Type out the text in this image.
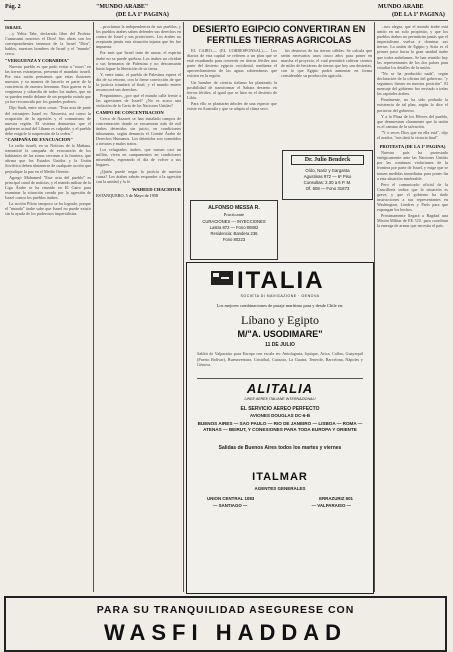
Pág. 2	"MUNDO ARABE"
(DE LA 1ª PAGINA)
MUNDO ARABE
(DE LA 1ª PAGINA)
ISRAEL

...y Yehia Tahr, declarado libre del Profeta: Cumusumi nosotros el Dios! Sus obras son los correspondientes tenemos de la Israel "Dios", hablos, nuestros hombres de Israel y el "mundo" cerca.

"VERGUENZA Y COBARDIA"

Nuestro pueblo es que pudo evitar a "rusos" en las tierras extranjeras, presenta el mandato israelí. Por esta razón pensamos que estas ilusiones nuestras y su manera de hacerlo es parte de la conciencia de nuestra hermana. Esta guerra es la vergüenza y cobardía de todos los árabes, que no se pueden rendir delante de un pequeño estado que ya fue reconocido por los grandes poderes.

Dijo Saab, entre otras cosas: "Esta acta de parte del extranjero Israel es: Nasserist, así como la ocupación de la agresión y el comunismo de nuestra región. El sistema demuestra que el gobierno actual del Líbano es culpable, y el pueblo debe exigirle la suspensión de la orden."

"CAMPAÑA DE EVACUACION"

La radio israelí, en su Noticias de la Mañana, transmitió la campaña de evacuación de los habitantes de las zonas cercanas a la frontera, que afirma que los Estados Unidos y la Unión Soviética deben abstenerse de cualquier acción que perjudique la paz en el Medio Oriente.

Agregó Mohamed "Este acta del pueblo" es principal canal de noticias, y el mando militar de la Liga Árabe se ha reunido en El Cairo para examinar la situación creada por la agresión de Israel contra los pueblos árabes.

La acción Piloto tampoco se ha logrado, porque el "mundo" árabe sabe que Israel no puede existir sin la ayuda de los poderosos imperialistas.

...proclamar la independencia de sus pueblos, y los pueblos árabes saben defender sus derechos en contra de Israel y sus protectores. Los árabes no aceptarán jamás esta situación injusta que les fue impuesta.

Por más que Israel trate de atacar, el espíritu árabe no se puede quebrar. Los árabes no olvidan a sus hermanos de Palestina y no descansarán hasta lograr la liberación de su tierra.

Y, entre tanto, el pueblo de Palestina espera el día de su retorno, con la firme convicción de que la justicia triunfará al final, y el mundo entero reconocerá sus derechos.

Preguntamos, ¿por qué el mundo calla frente a las agresiones de Israel? ¿No es acaso una violación de la Carta de las Naciones Unidas?

CAMPO DE CONCENTRACION

Cerca de Nazaret se han instalado campos de concentración donde se encuentran más de mil árabes detenidos sin juicio, en condiciones inhumanas, según denuncia el Comité Árabe de Derechos Humanos. Los detenidos son sometidos a torturas y malos tratos.

Los refugiados árabes, que suman casi un millón, viven en campamentos en condiciones miserables, esperando el día de volver a sus hogares.

¿Quién puede negar la justicia de nuestra causa? Los árabes sabrán responder a la agresión con la unidad y la fe.

WAHEED CHACHOUR
ESTANQUERO, 5 de Mayo de 1958
DESIERTO EGIPCIO CONVERTIRAN EN FERTILES TIERRAS AGRICOLAS

EL CAIRO.— (EL CORRESPONSAL).— Los diarios de esta capital se refieren a un plan que se está estudiando para convertir en tierras fértiles una parte del desierto egipcio occidental, mediante el aprovechamiento de las aguas subterráneas que existen en la región.

Un hombre de ciencia italiano ha planteado la posibilidad de transformar el Sahara desierto en tierras fértiles, al igual que se hizo en el desierto de Libia.

Para ello se plantarán árboles de una especie que existe en Australia y que se adapta al clima seco.

los desiertos de las tierras cálidas. Se calcula que serán necesarios unos cinco años para poner en marcha el proyecto, el cual permitirá cultivar cientos de miles de hectáreas de tierras que hoy son desiertas, con lo que Egipto podrá aumentar en forma considerable su producción agrícola.

ALFONSO MESSA R.
Practicante
CURACIONES — INYECCIONES
Lastra 872 — Fono 80882
Residencia: Bandera 236
Fono 80223
Dr. Julio Bendeck
Oído, Nariz y Garganta
Agustinas 972 — 6º Piso
Consultas: 2.30 a 6 P. M.
Of. 608 — Fono 31873
ITALIA
SOCIETA DI NAVIGAZIONE · GENOVA
Los mejores combinaciones de pasaje marítimo para y desde Chile en:
Líbano y Egipto
M/"A. USODIMARE"
11 DE JULIO
Saldrá de Valparaíso para Europa con escala en: Antofagasta, Iquique, Arica, Callao, Guayaquil (Puerto Bolívar), Buenaventura, Cristóbal, Curazao, La Guaira, Tenerife, Barcelona, Nápoles y Génova.
ALITALIA
LINEE AEREE ITALIANE INTERNAZIONALI
EL SERVICIO AEREO PERFECTO
AVIONES DOUGLAS DC-6-B
BUENOS AIRES — SAO PAULO — RIO DE JANEIRO — LISBOA — ROMA — ATENAS — BEIRUT, Y CONEXIONES PARA TODA EUROPA Y ORIENTE
Salidas de Buenos Aires todos los martes y viernes
ITALMAR
AGENTES GENERALES
UNION CENTRAL 1083	ERRAZURIZ 601
— SANTIAGO —	— VALPARAISO —

...nos alegra, que el mundo árabe está unido en un solo propósito, y que los pueblos árabes no permitirán jamás que el imperialismo vuelva a dominar sus tierras. La unión de Egipto y Siria es el primer paso hacia la gran unidad árabe que todos anhelamos. Se han reunido hoy los representantes de los dos países para estudiar los detalles de la unión.

"No se ha producido nada", según declaración de la oficina del gobierno, "y seguimos firmes en nuestra posición". El mensaje del gobierno fue enviado a todas las capitales árabes.

Finalmente, no ha sido probada la existencia de tal plan, según lo dice el portavoz del gobierno.

Y a la Plaza de los Héroes del pueblo, que demuestran claramente que la unión es el camino de la salvación.

"Y a veces Dios que en ella está", dijo el orador, "nos dará la victoria final".

PROTESTA (DE LA 1ª PAGINA)

Nuestro país ha protestado enérgicamente ante las Naciones Unidas por las continuas violaciones de la frontera por parte de Israel, y exige que se tomen medidas inmediatas para poner fin a esta situación intolerable.

Pero el comunicado oficial de la Cancillería indica que la situación es grave, y que el gobierno ha dado instrucciones a sus representantes en Washington, Londres y París para que expongan los hechos.

Próximamente llegará a Bagdad una Misión Militar de EE. UU. para coordinar la entrega de armas que necesita el país.

PARA SU TRANQUILIDAD ASEGURESE CON
WASFI HADDAD
